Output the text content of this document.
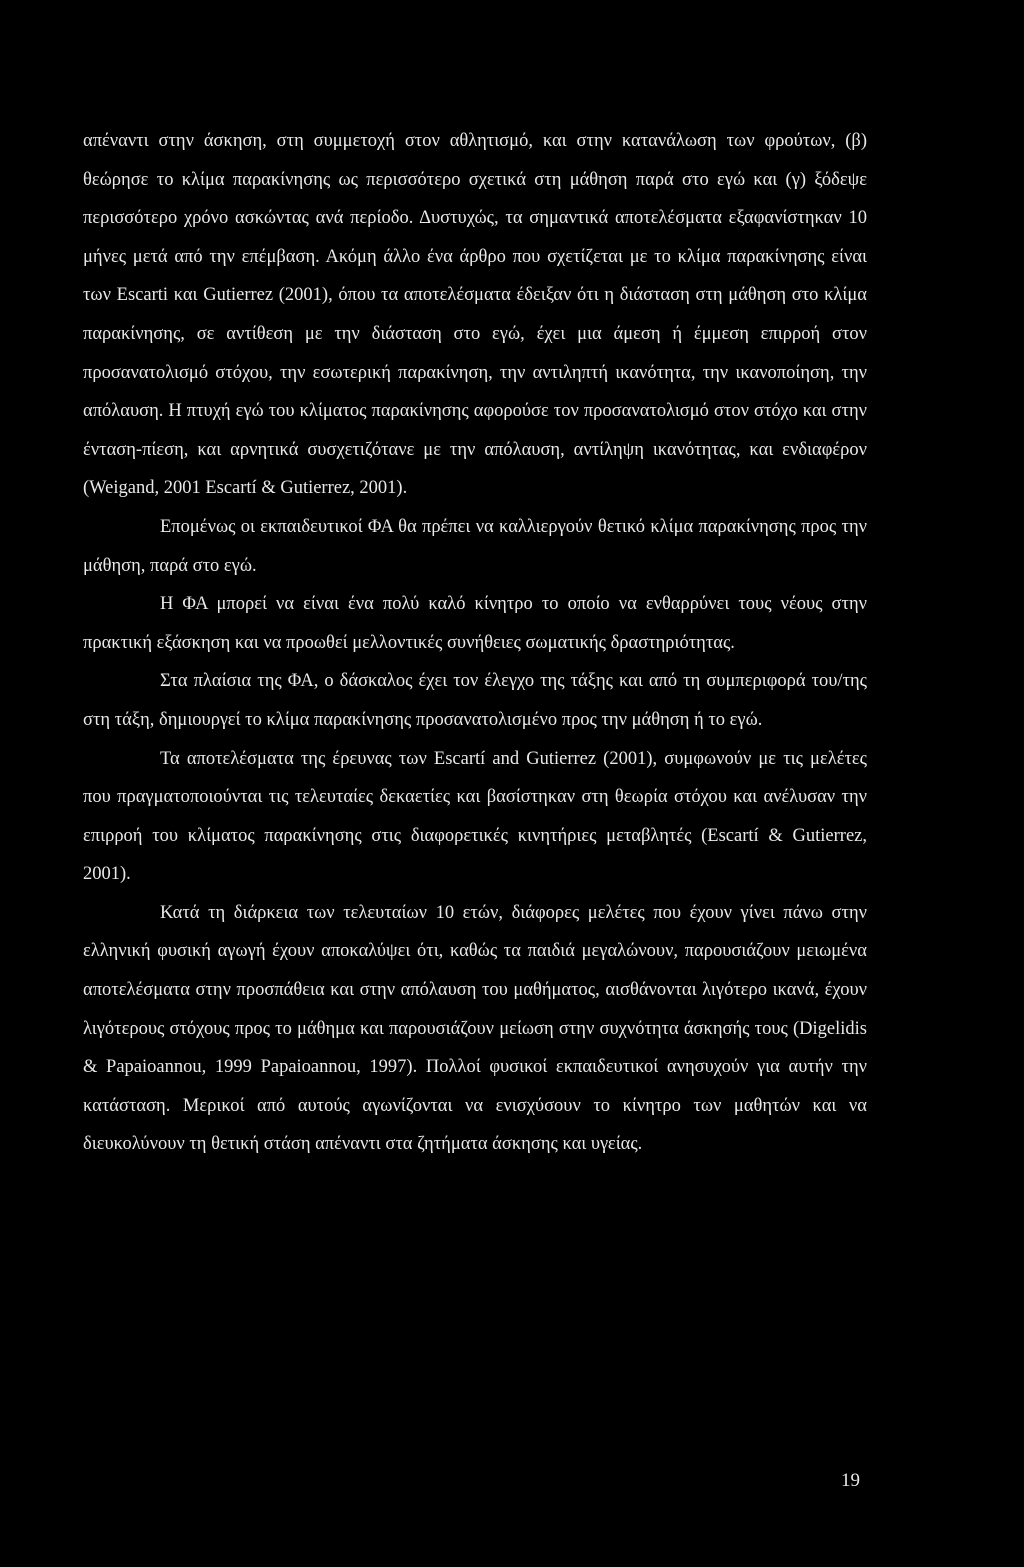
απέναντι στην άσκηση, στη συμμετοχή στον αθλητισμό, και στην κατανάλωση των φρούτων, (β) θεώρησε το κλίμα παρακίνησης ως περισσότερο σχετικά στη μάθηση παρά στο εγώ και (γ) ξόδεψε περισσότερο χρόνο ασκώντας ανά περίοδο. Δυστυχώς, τα σημαντικά αποτελέσματα εξαφανίστηκαν 10 μήνες μετά από την επέμβαση. Ακόμη άλλο ένα άρθρο που σχετίζεται με το κλίμα παρακίνησης είναι των Escarti και Gutierrez (2001), όπου τα αποτελέσματα έδειξαν ότι η διάσταση στη μάθηση στο κλίμα παρακίνησης, σε αντίθεση με την διάσταση στο εγώ, έχει μια άμεση ή έμμεση επιρροή στον προσανατολισμό στόχου, την εσωτερική παρακίνηση, την αντιληπτή ικανότητα, την ικανοποίηση, την απόλαυση. Η πτυχή εγώ του κλίματος παρακίνησης αφορούσε τον προσανατολισμό στον στόχο και στην ένταση-πίεση, και αρνητικά συσχετιζότανε με την απόλαυση, αντίληψη ικανότητας, και ενδιαφέρον (Weigand, 2001 Escartí & Gutierrez, 2001).

Επομένως οι εκπαιδευτικοί ΦΑ θα πρέπει να καλλιεργούν θετικό κλίμα παρακίνησης προς την μάθηση, παρά στο εγώ.

Η ΦΑ μπορεί να είναι ένα πολύ καλό κίνητρο το οποίο να ενθαρρύνει τους νέους στην πρακτική εξάσκηση και να προωθεί μελλοντικές συνήθειες σωματικής δραστηριότητας.

Στα πλαίσια της ΦΑ, ο δάσκαλος έχει τον έλεγχο της τάξης και από τη συμπεριφορά του/της στη τάξη, δημιουργεί το κλίμα παρακίνησης προσανατολισμένο προς την μάθηση ή το εγώ.

Τα αποτελέσματα της έρευνας των Escartí and Gutierrez (2001), συμφωνούν με τις μελέτες που πραγματοποιούνται τις τελευταίες δεκαετίες και βασίστηκαν στη θεωρία στόχου και ανέλυσαν την επιρροή του κλίματος παρακίνησης στις διαφορετικές κινητήριες μεταβλητές (Escartí & Gutierrez, 2001).

Κατά τη διάρκεια των τελευταίων 10 ετών, διάφορες μελέτες που έχουν γίνει πάνω στην ελληνική φυσική αγωγή έχουν αποκαλύψει ότι, καθώς τα παιδιά μεγαλώνουν, παρουσιάζουν μειωμένα αποτελέσματα στην προσπάθεια και στην απόλαυση του μαθήματος, αισθάνονται λιγότερο ικανά, έχουν λιγότερους στόχους προς το μάθημα και παρουσιάζουν μείωση στην συχνότητα άσκησής τους (Digelidis & Papaioannou, 1999 Papaioannou, 1997). Πολλοί φυσικοί εκπαιδευτικοί ανησυχούν για αυτήν την κατάσταση. Μερικοί από αυτούς αγωνίζονται να ενισχύσουν το κίνητρο των μαθητών και να διευκολύνουν τη θετική στάση απέναντι στα ζητήματα άσκησης και υγείας.

19
